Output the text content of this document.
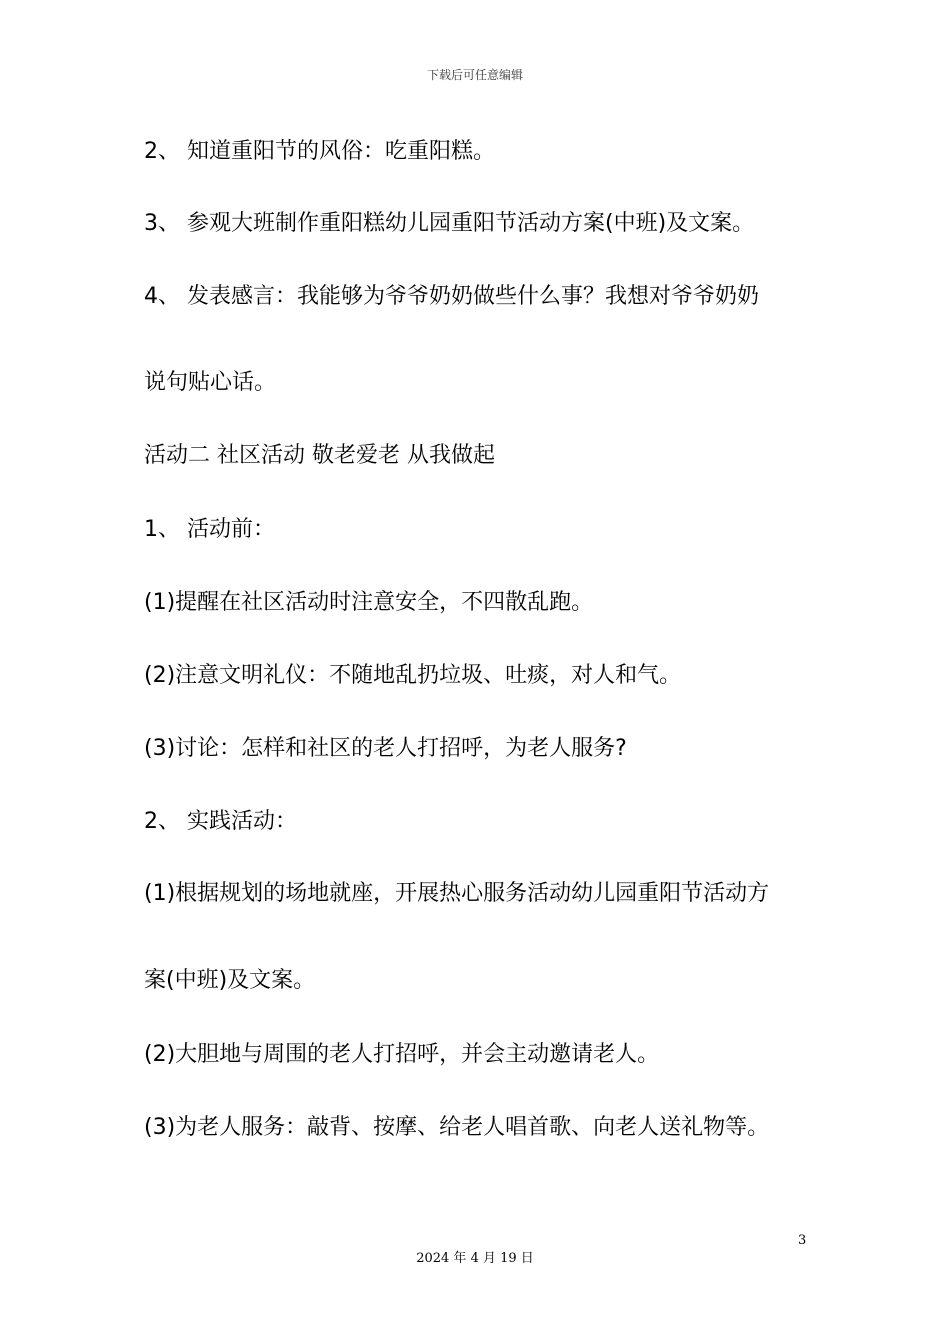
下载后可任意编辑
2、 知道重阳节的风俗：吃重阳糕。
3、 参观大班制作重阳糕幼儿园重阳节活动方案(中班)及文案。
4、 发表感言：我能够为爷爷奶奶做些什么事？我想对爷爷奶奶
说句贴心话。
活动二 社区活动 敬老爱老 从我做起
1、 活动前：
(1)提醒在社区活动时注意安全，不四散乱跑。
(2)注意文明礼仪：不随地乱扔垃圾、吐痰，对人和气。
(3)讨论：怎样和社区的老人打招呼，为老人服务?
2、 实践活动：
(1)根据规划的场地就座，开展热心服务活动幼儿园重阳节活动方
案(中班)及文案。
(2)大胆地与周围的老人打招呼，并会主动邀请老人。
(3)为老人服务：敲背、按摩、给老人唱首歌、向老人送礼物等。
3
2024 年 4 月 19 日
